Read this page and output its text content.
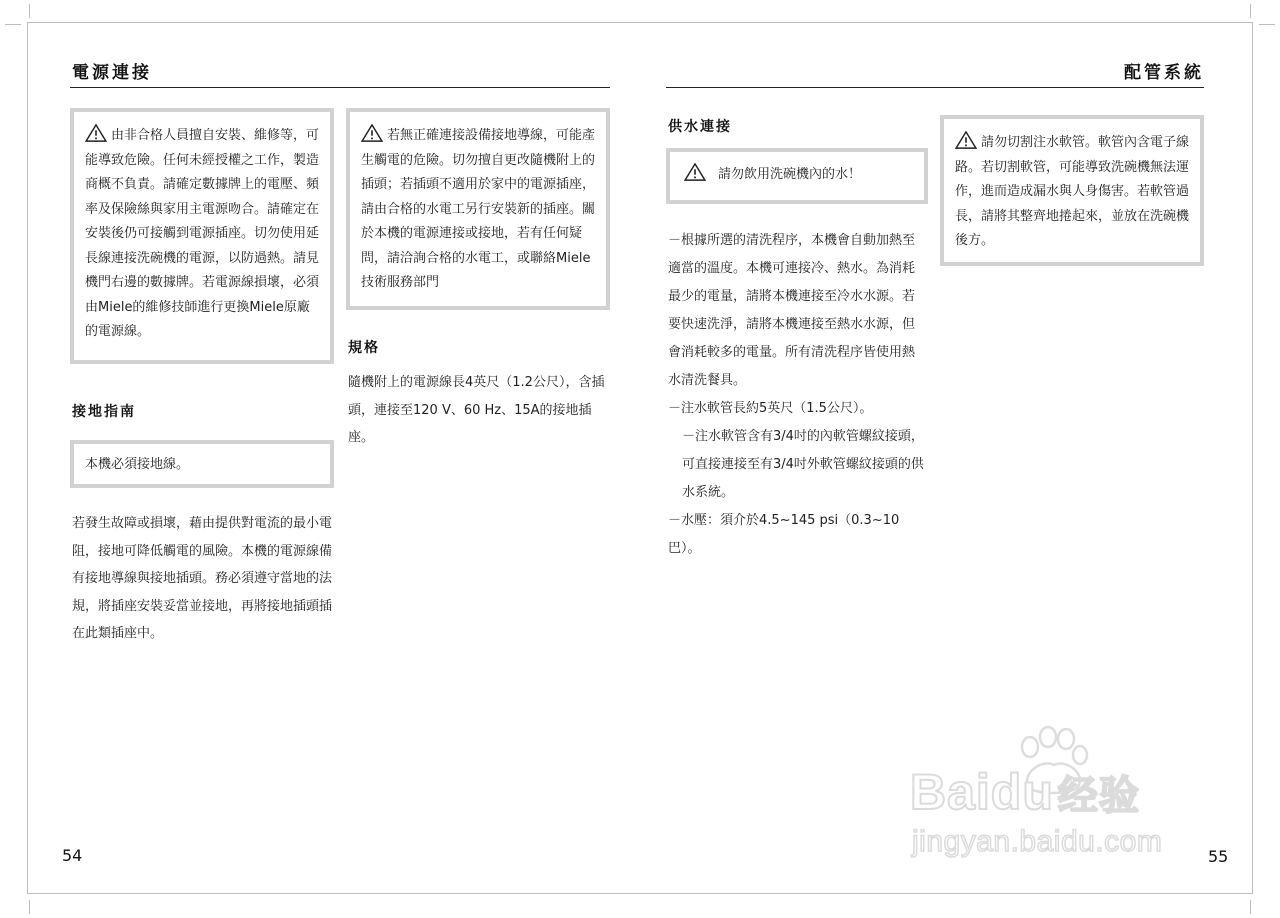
電源連接
由非合格人員擅自安裝、維修等，可能導致危險。任何未經授權之工作，製造商概不負責。請確定數據牌上的電壓、頻率及保險絲與家用主電源吻合。請確定在安裝後仍可接觸到電源插座。切勿使用延長線連接洗碗機的電源，以防過熱。請見機門右邊的數據牌。若電源線損壞，必須由Miele的維修技師進行更換Miele原廠的電源線。
若無正確連接設備接地導線，可能產生觸電的危險。切勿擅自更改隨機附上的插頭；若插頭不適用於家中的電源插座，請由合格的水電工另行安裝新的插座。關於本機的電源連接或接地，若有任何疑問，請洽詢合格的水電工，或聯絡Miele技術服務部門
規格
隨機附上的電源線長4英尺（1.2公尺），含插頭，連接至120 V、60 Hz、15A的接地插座。
接地指南
本機必須接地線。
若發生故障或損壞，藉由提供對電流的最小電阻，接地可降低觸電的風險。本機的電源線備有接地導線與接地插頭。務必須遵守當地的法規，將插座安裝妥當並接地，再將接地插頭插在此類插座中。
54
配管系統
供水連接
請勿飲用洗碗機內的水！
－根據所選的清洗程序，本機會自動加熱至適當的溫度。本機可連接冷、熱水。為消耗最少的電量，請將本機連接至冷水水源。若要快速洗淨，請將本機連接至熱水水源，但會消耗較多的電量。所有清洗程序皆使用熱水清洗餐具。
－注水軟管長約5英尺（1.5公尺）。
－注水軟管含有3/4吋的內軟管螺紋接頭，可直接連接至有3/4吋外軟管螺紋接頭的供水系統。
－水壓：須介於4.5~145 psi（0.3~10巴）。
請勿切割注水軟管。軟管內含電子線路。若切割軟管，可能導致洗碗機無法運作，進而造成漏水與人身傷害。若軟管過長，請將其整齊地捲起來，並放在洗碗機後方。
55
Baidu 经验
jingyan.baidu.com
